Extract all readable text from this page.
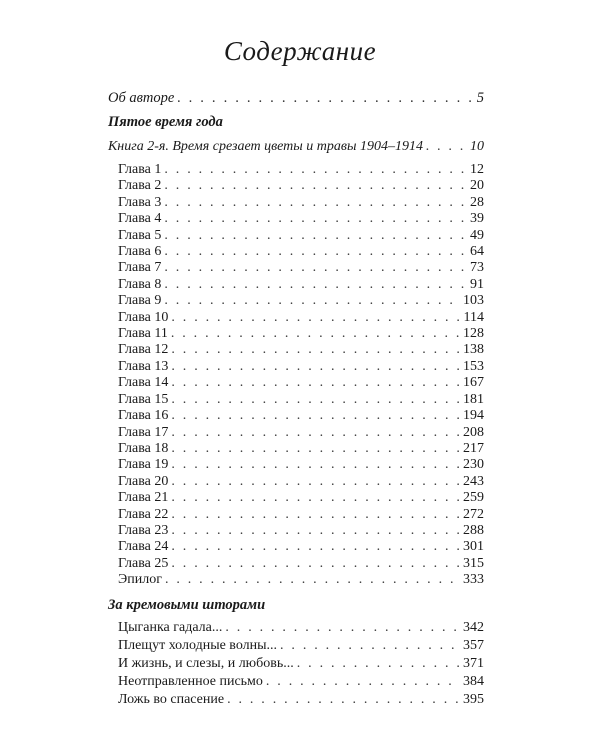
Содержание
Об авторе . . .	5
Пятое время года
Книга 2-я. Время срезает цветы и травы 1904–1914 . . .	10
Глава 1 . . .	12
Глава 2 . . .	20
Глава 3 . . .	28
Глава 4 . . .	39
Глава 5 . . .	49
Глава 6 . . .	64
Глава 7 . . .	73
Глава 8 . . .	91
Глава 9 . . .	103
Глава 10 . . .	114
Глава 11 . . .	128
Глава 12 . . .	138
Глава 13 . . .	153
Глава 14 . . .	167
Глава 15 . . .	181
Глава 16 . . .	194
Глава 17 . . .	208
Глава 18 . . .	217
Глава 19 . . .	230
Глава 20 . . .	243
Глава 21 . . .	259
Глава 22 . . .	272
Глава 23 . . .	288
Глава 24 . . .	301
Глава 25 . . .	315
Эпилог . . .	333
За кремовыми шторами
Цыганка гадала... . . .	342
Плещут холодные волны... . . .	357
И жизнь, и слезы, и любовь... . . .	371
Неотправленное письмо . . .	384
Ложь во спасение . . .	395
